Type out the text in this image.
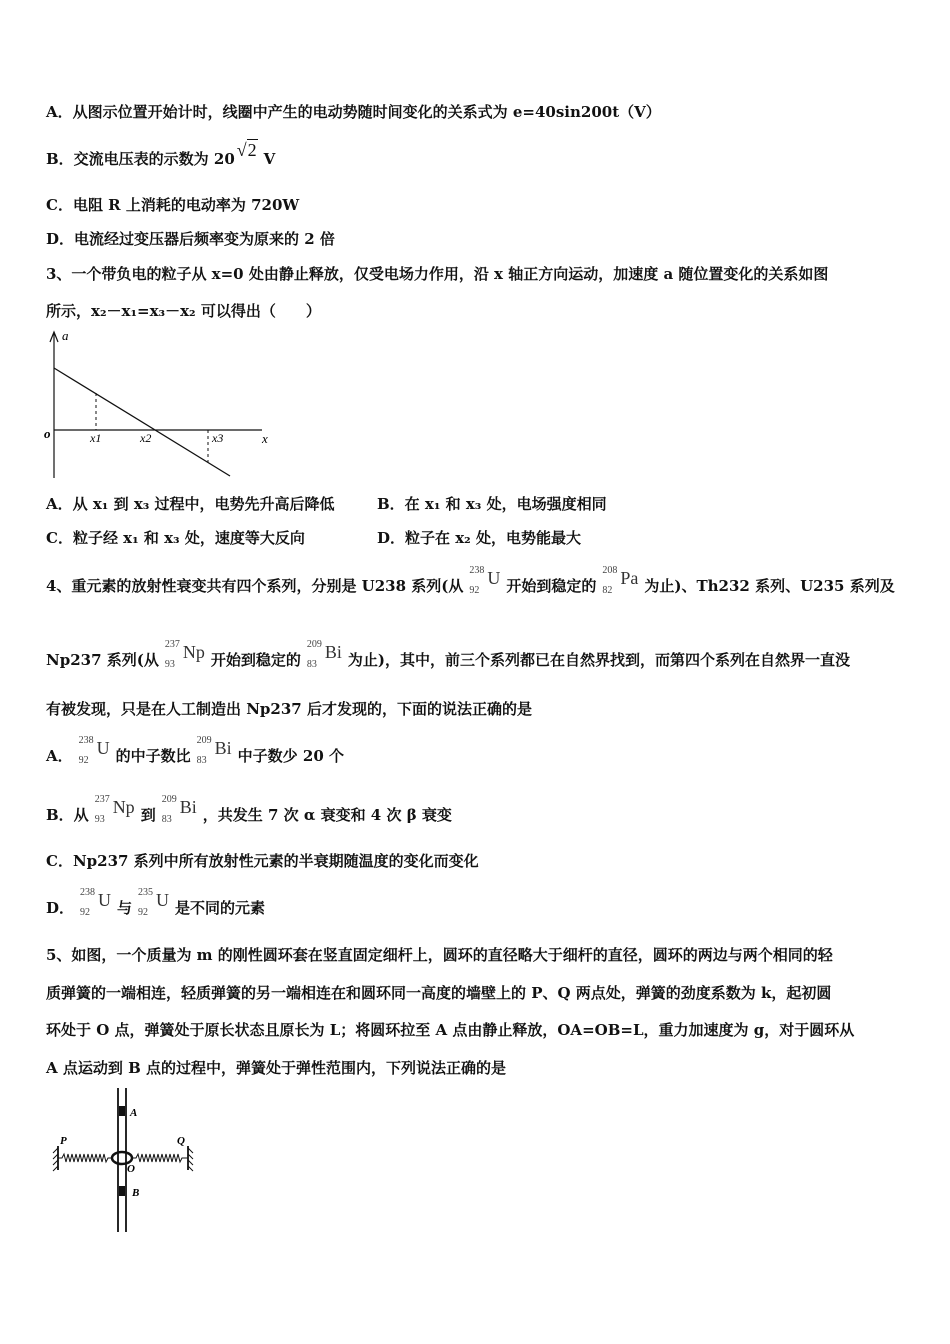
A．从图示位置开始计时，线圈中产生的电动势随时间变化的关系式为 e=40sin200t（V）
B．交流电压表的示数为 20 √2 V
C．电阻 R 上消耗的电动率为 720W
D．电流经过变压器后频率变为原来的 2 倍
3、一个带负电的粒子从 x=0 处由静止释放，仅受电场力作用，沿 x 轴正方向运动，加速度 a 随位置变化的关系如图
所示，x₂－x₁=x₃－x₂ 可以得出（　　）
a
o	x
x1	x2	x3
A．从 x₁ 到 x₃ 过程中，电势先升高后降低	B．在 x₁ 和 x₃ 处，电场强度相同
C．粒子经 x₁ 和 x₃ 处，速度等大反向	D．粒子在 x₂ 处，电势能最大
4、重元素的放射性衰变共有四个系列，分别是 U238 系列(从
238
92
U 开始到稳定的
208
82
Pa 为止)、Th232 系列、U235 系列及
Np237 系列(从
237
93
Np 开始到稳定的
209
83
Bi 为止)，其中，前三个系列都已在自然界找到，而第四个系列在自然界一直没
有被发现，只是在人工制造出 Np237 后才发现的，下面的说法正确的是
A．
238
92
U 的中子数比
209
83
Bi 中子数少 20 个
B．从
237
93
Np 到
209
83
Bi ，共发生 7 次 α 衰变和 4 次 β 衰变
C．Np237 系列中所有放射性元素的半衰期随温度的变化而变化
D．
238
92
U 与
235
92
U 是不同的元素
5、如图，一个质量为 m 的刚性圆环套在竖直固定细杆上，圆环的直径略大于细杆的直径，圆环的两边与两个相同的轻
质弹簧的一端相连，轻质弹簧的另一端相连在和圆环同一高度的墙壁上的 P、Q 两点处，弹簧的劲度系数为 k，起初圆
环处于 O 点，弹簧处于原长状态且原长为 L；将圆环拉至 A 点由静止释放，OA=OB=L，重力加速度为 g，对于圆环从
A 点运动到 B 点的过程中，弹簧处于弹性范围内，下列说法正确的是
P	Q
A
O
B
